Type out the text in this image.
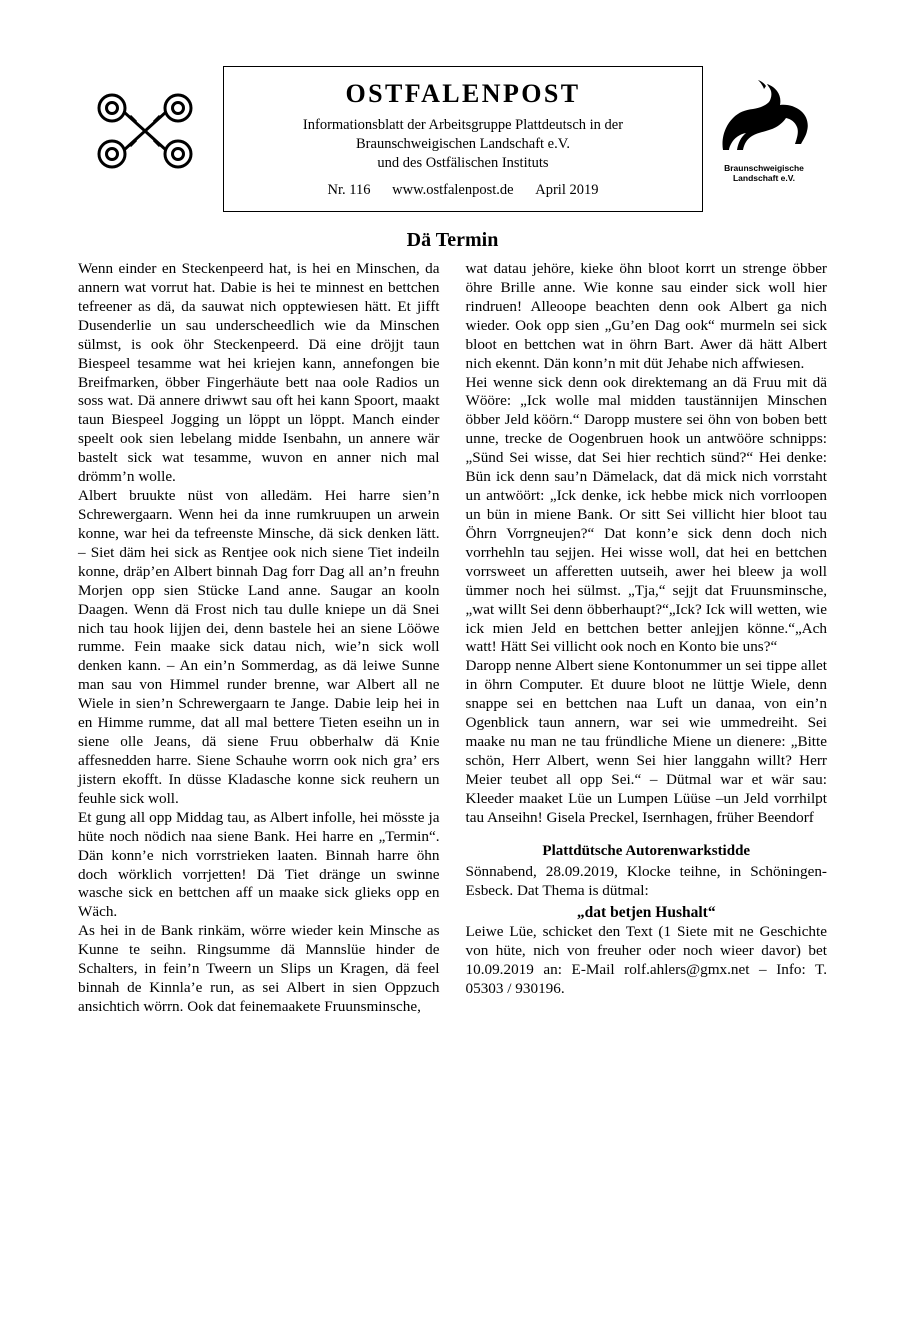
OSTFALENPOST
Informationsblatt der Arbeitsgruppe Plattdeutsch in der
Braunschweigischen Landschaft e.V.
und des Ostfälischen Instituts
Nr. 116 www.ostfalenpost.de April 2019
Braunschweigische
Landschaft e.V.
Dä Termin

Wenn einder en Steckenpeerd hat, is hei en Minschen, da annern wat vorrut hat. Dabie is hei te minnest en bettchen tefreener as dä, da sauwat nich opptewiesen hätt. Et jifft Dusenderlie un sau underscheedlich wie da Minschen sülmst, is ook öhr Steckenpeerd. Dä eine dröjjt taun Biespeel tesamme wat hei kriejen kann, annefongen bie Breifmarken, öbber Fingerhäute bett naa oole Radios un soss wat. Dä annere driwwt sau oft hei kann Spoort, maakt taun Biespeel Jogging un löppt un löppt. Manch einder speelt ook sien lebelang midde Isenbahn, un annere wär bastelt sick wat tesamme, wuvon en anner nich mal drömm’n wolle.

Albert bruukte nüst von alledäm. Hei harre sien’n Schrewergaarn. Wenn hei da inne rumkruupen un arwein konne, war hei da tefreenste Minsche, dä sick denken lätt. – Siet däm hei sick as Rentjee ook nich siene Tiet indeiln konne, dräp’en Albert binnah Dag forr Dag all an’n freuhn Morjen opp sien Stücke Land anne. Saugar an kooln Daagen. Wenn dä Frost nich tau dulle kniepe un dä Snei nich tau hook lijjen dei, denn bastele hei an siene Lööwe rumme. Fein maake sick datau nich, wie’n sick woll denken kann. – An ein’n Sommerdag, as dä leiwe Sunne man sau von Himmel runder brenne, war Albert all ne Wiele in sien’n Schrewergaarn te Jange. Dabie leip hei in en Himme rumme, dat all mal bettere Tieten eseihn un in siene olle Jeans, dä siene Fruu obberhalw dä Knie affesnedden harre. Siene Schauhe worrn ook nich gra’ ers jistern ekofft. In düsse Kladasche konne sick reuhern un feuhle sick woll.

Et gung all opp Middag tau, as Albert infolle, hei mösste ja hüte noch nödich naa siene Bank. Hei harre en „Termin“. Dän konn’e nich vorrstrieken laaten. Binnah harre öhn doch wörklich vorrjetten! Dä Tiet dränge un swinne wasche sick en bettchen aff un maake sick glieks opp en Wäch.

As hei in de Bank rinkäm, wörre wieder kein Minsche as Kunne te seihn. Ringsumme dä Mannslüe hinder de Schalters, in fein’n Tweern un Slips un Kragen, dä feel binnah de Kinnla’e run, as sei Albert in sien Oppzuch ansichtich wörrn. Ook dat feinemaakete Fruunsminsche,

wat datau jehöre, kieke öhn bloot korrt un strenge öbber öhre Brille anne. Wie konne sau einder sick woll hier rindruen! Alleoope beachten denn ook Albert ga nich wieder. Ook opp sien „Gu’en Dag ook“ murmeln sei sick bloot en bettchen wat in öhrn Bart. Awer dä hätt Albert nich ekennt. Dän konn’n mit düt Jehabe nich affwiesen.

Hei wenne sick denn ook direktemang an dä Fruu mit dä Wööre: „Ick wolle mal midden taustännijen Minschen öbber Jeld köörn.“ Daropp mustere sei öhn von boben bett unne, trecke de Oogenbruen hook un antwööre schnipps: „Sünd Sei wisse, dat Sei hier rechtich sünd?“ Hei denke: Bün ick denn sau’n Dämelack, dat dä mick nich vorrstaht un antwöört: „Ick denke, ick hebbe mick nich vorrloopen un bün in miene Bank. Or sitt Sei villicht hier bloot tau Öhrn Vorrgneujen?“ Dat konn’e sick denn doch nich vorrhehln tau sejjen. Hei wisse woll, dat hei en bettchen vorrsweet un afferetten uutseih, awer hei bleew ja woll ümmer noch hei sülmst. „Tja,“ sejjt dat Fruunsminsche, „wat willt Sei denn öbberhaupt?“„Ick? Ick will wetten, wie ick mien Jeld en bettchen better anlejjen könne.“„Ach watt! Hätt Sei villicht ook noch en Konto bie uns?“

Daropp nenne Albert siene Kontonummer un sei tippe allet in öhrn Computer. Et duure bloot ne lüttje Wiele, denn snappe sei en bettchen naa Luft un danaa, von ein’n Ogenblick taun annern, war sei wie ummedreiht. Sei maake nu man ne tau fründliche Miene un dienere: „Bitte schön, Herr Albert, wenn Sei hier langgahn willt? Herr Meier teubet all opp Sei.“ – Dütmal war et wär sau: Kleeder maaket Lüe un Lumpen Lüüse –un Jeld vorrhilpt tau Anseihn! Gisela Preckel, Isernhagen, früher Beendorf

Plattdütsche Autorenwarkstidde

Sönnabend, 28.09.2019, Klocke teihne, in Schöningen-Esbeck. Dat Thema is dütmal:

„dat betjen Hushalt“

Leiwe Lüe, schicket den Text (1 Siete mit ne Geschichte von hüte, nich von freuher oder noch wieer davor) bet 10.09.2019 an: E-Mail rolf.ahlers@gmx.net – Info: T. 05303 / 930196.
